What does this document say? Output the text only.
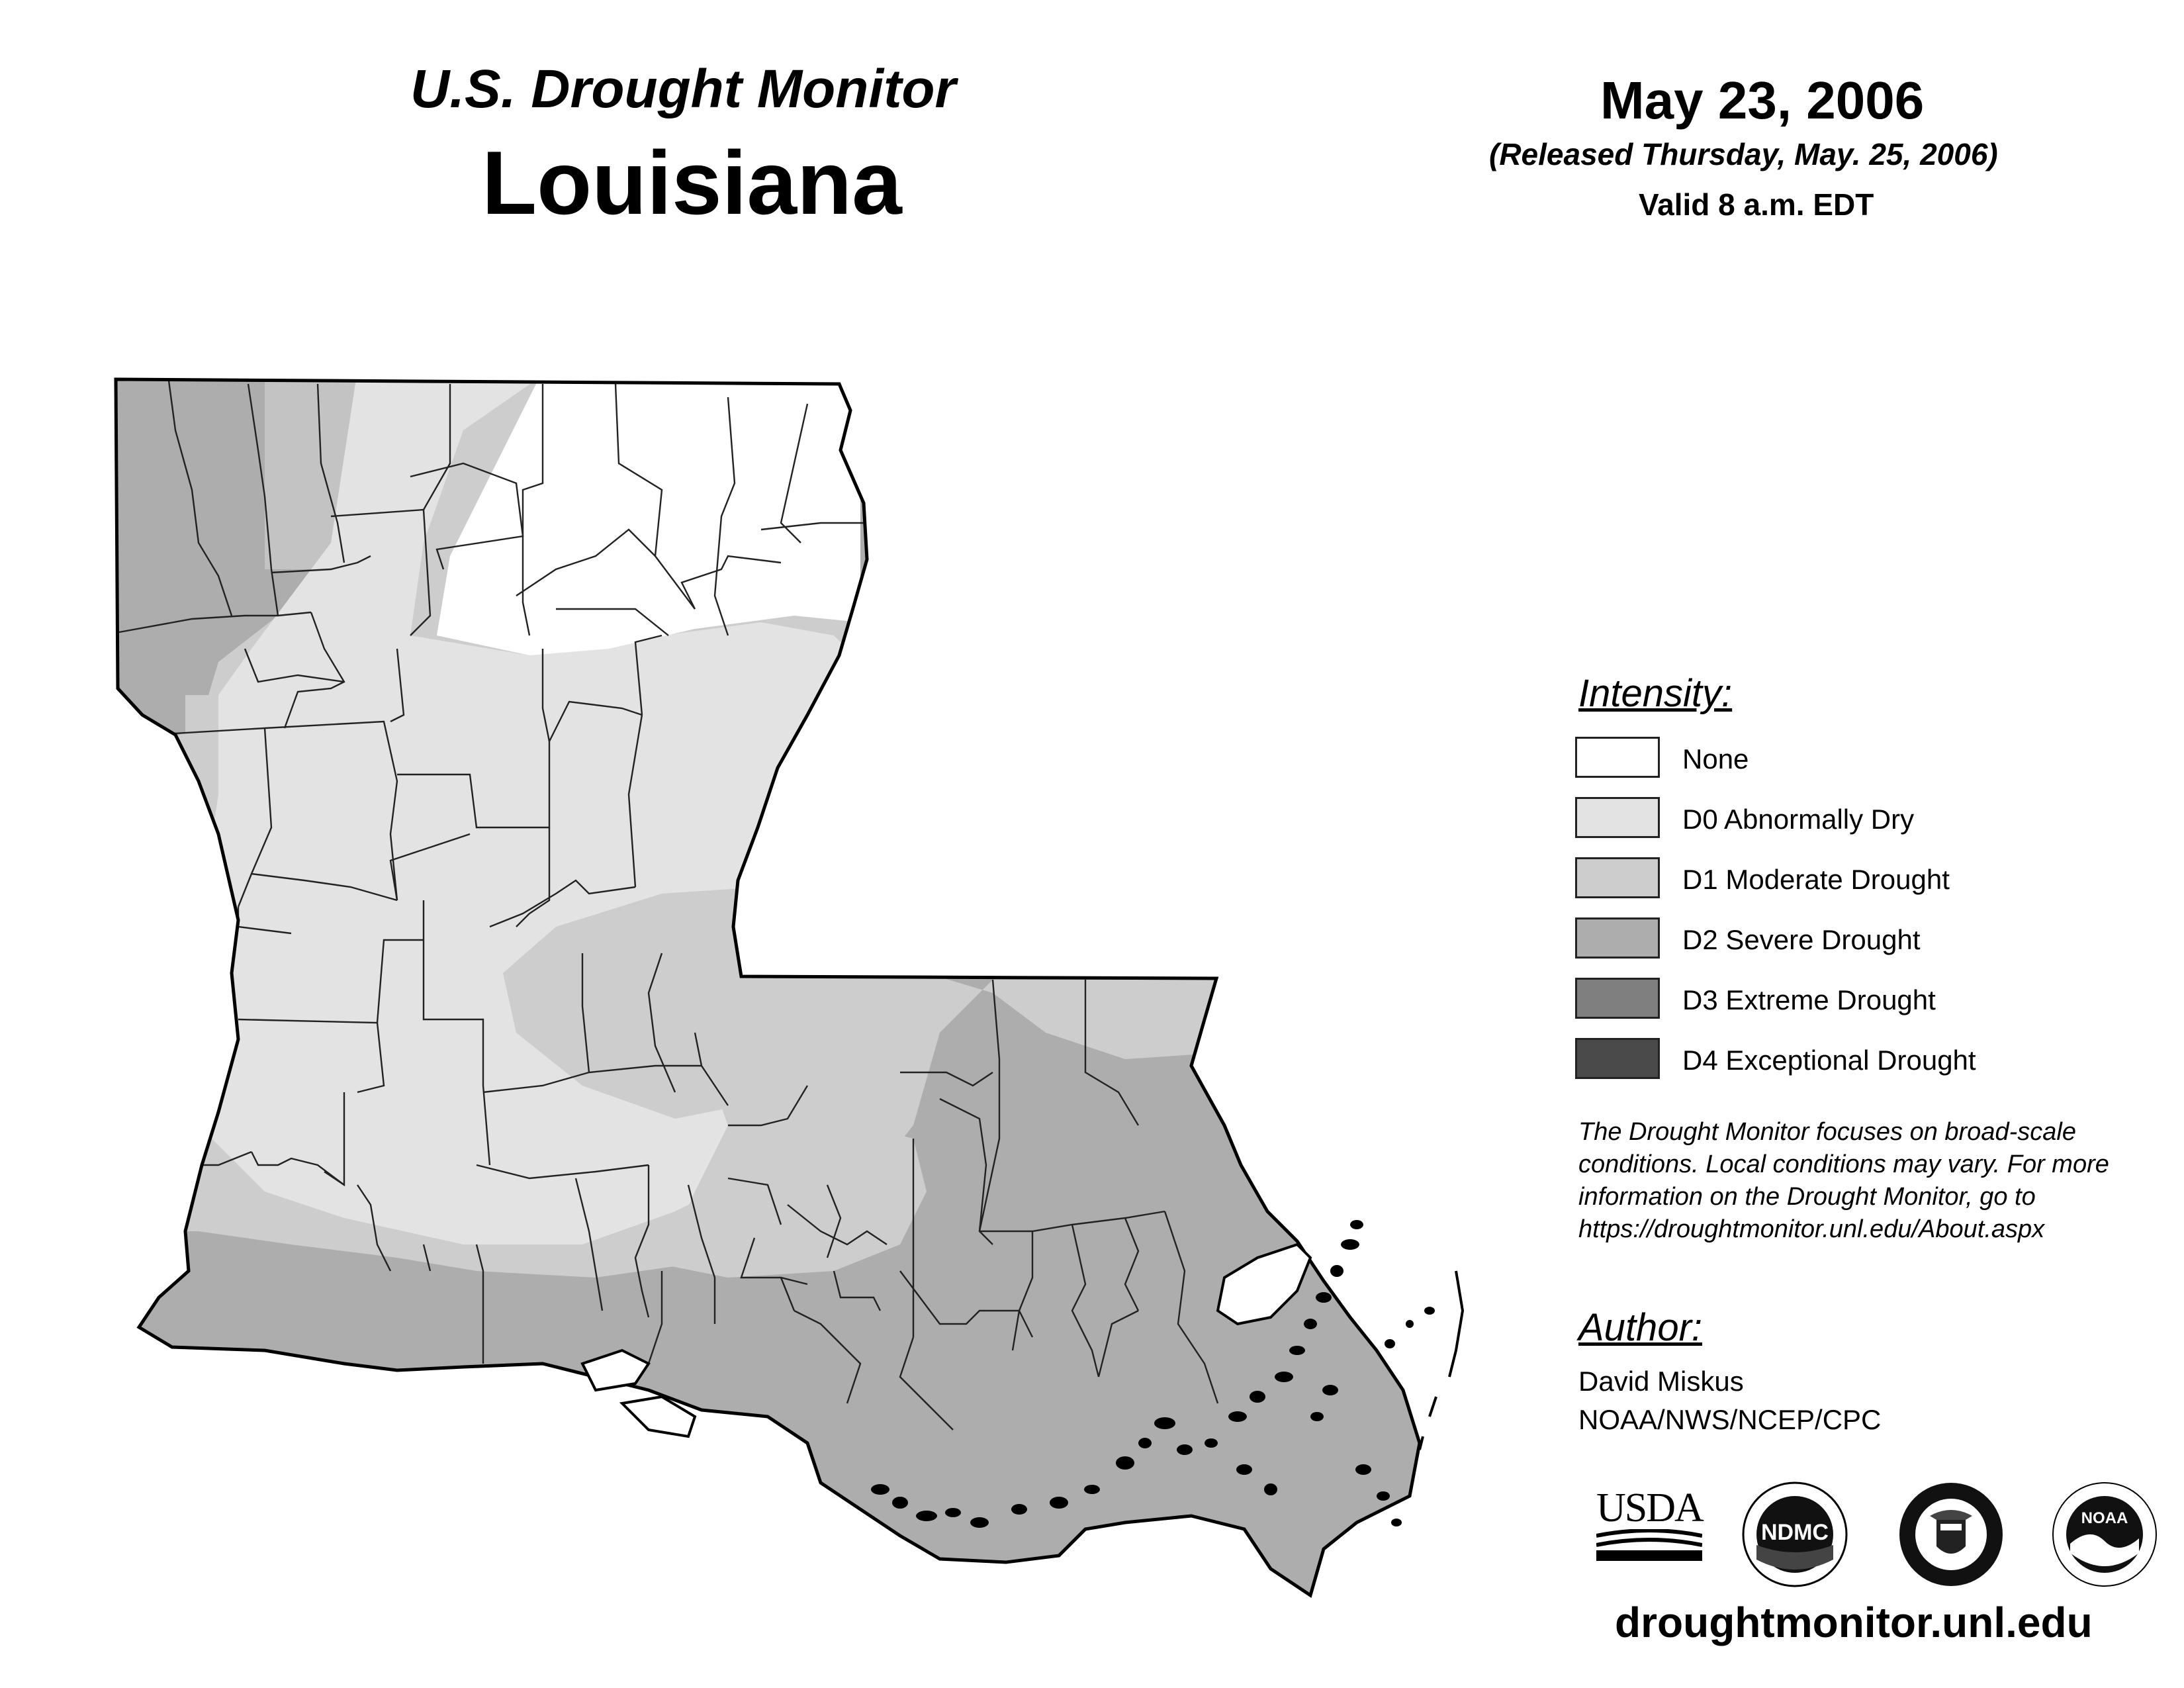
U.S. Drought Monitor
Louisiana
May 23, 2006
(Released Thursday, May. 25, 2006)
Valid 8 a.m. EDT
Intensity:
None
D0 Abnormally Dry
D1 Moderate Drought
D2 Severe Drought
D3 Extreme Drought
D4 Exceptional Drought
The Drought Monitor focuses on broad-scale
conditions. Local conditions may vary. For more
information on the Drought Monitor, go to
https://droughtmonitor.unl.edu/About.aspx
Author:
David Miskus
NOAA/NWS/NCEP/CPC
USDA
NDMC
NOAA
droughtmonitor.unl.edu
